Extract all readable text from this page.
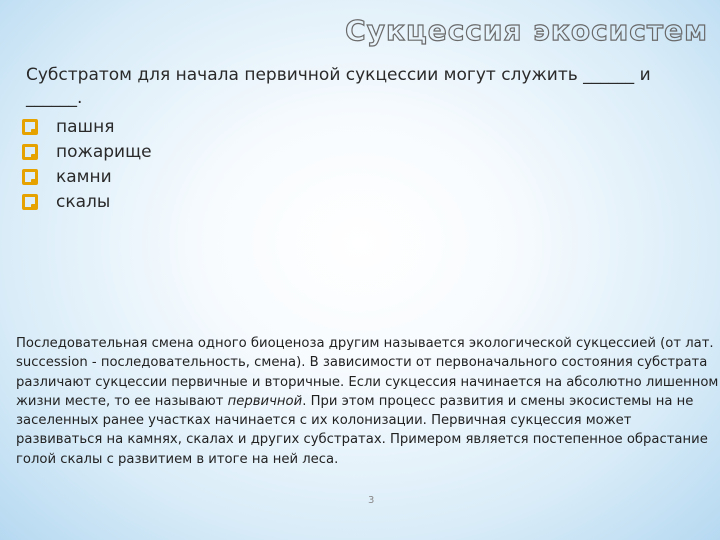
Сукцессия экосистем
Субстратом для начала первичной сукцессии могут служить ______ и ______.
пашня
пожарище
камни
скалы
Последовательная смена одного биоценоза другим называется экологической сукцессией (от лат. succession - последовательность, смена). В зависимости от первоначального состояния субстрата различают сукцессии первичные и вторичные. Если сукцессия начинается на абсолютно лишенном жизни месте, то ее называют первичной. При этом процесс развития и смены экосистемы на не заселенных ранее участках начинается с их колонизации. Первичная сукцессия может развиваться на камнях, скалах и других субстратах. Примером является постепенное обрастание голой скалы с развитием в итоге на ней леса.
3
